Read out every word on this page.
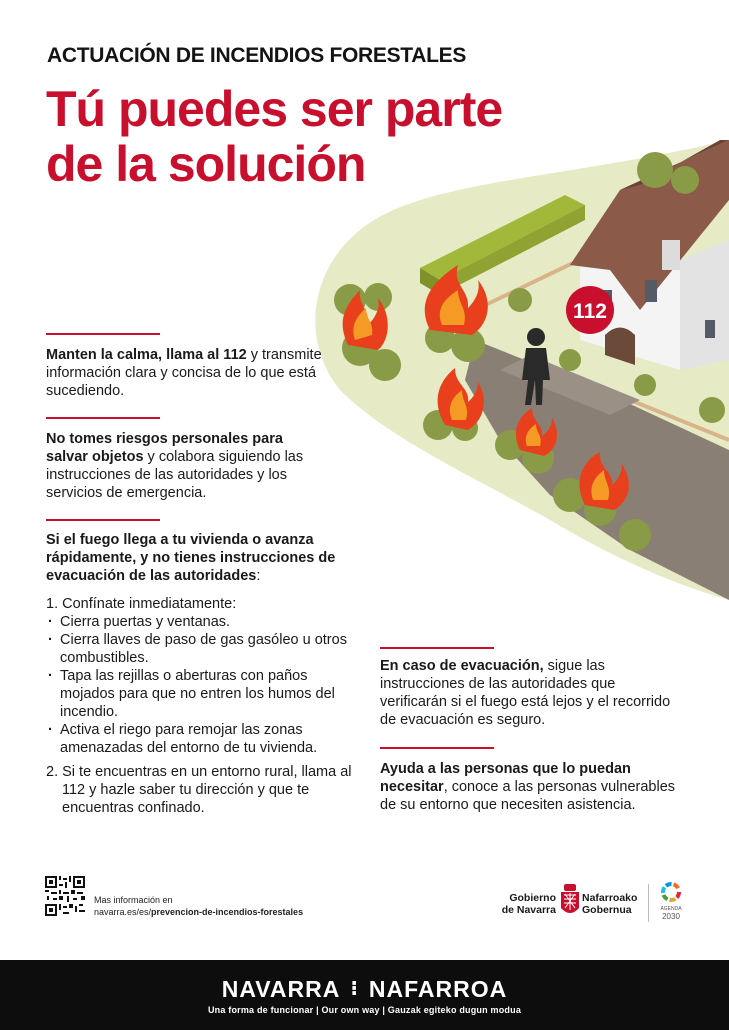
ACTUACIÓN DE INCENDIOS FORESTALES
Tú puedes ser parte
de la solución
112
Manten la calma, llama al 112 y transmite información clara y concisa de lo que está sucediendo.
No tomes riesgos personales para salvar objetos y colabora siguiendo las instrucciones de las autoridades y los servicios de emergencia.
Si el fuego llega a tu vivienda o avanza rápidamente, y no tienes instrucciones de evacuación de las autoridades:
1. Confínate inmediatamente:
· Cierra puertas y ventanas.
· Cierra llaves de paso de gas gasóleo u otros combustibles.
· Tapa las rejillas o aberturas con paños mojados para que no entren los humos del incendio.
· Activa el riego para remojar las zonas amenazadas del entorno de tu vivienda.
2. Si te encuentras en un entorno rural, llama al 112 y hazle saber tu dirección y que te encuentras confinado.
En caso de evacuación, sigue las instrucciones de las autoridades que verificarán si el fuego está lejos y el recorrido de evacuación es seguro.
Ayuda a las personas que lo puedan necesitar, conoce a las personas vulnerables de su entorno que necesiten asistencia.
Mas información en
navarra.es/es/prevencion-de-incendios-forestales
Gobierno
de Navarra
Nafarroako
Gobernua	AGENDA
2030
NAVARRA ⁝ NAFARROA
Una forma de funcionar | Our own way | Gauzak egiteko dugun modua
